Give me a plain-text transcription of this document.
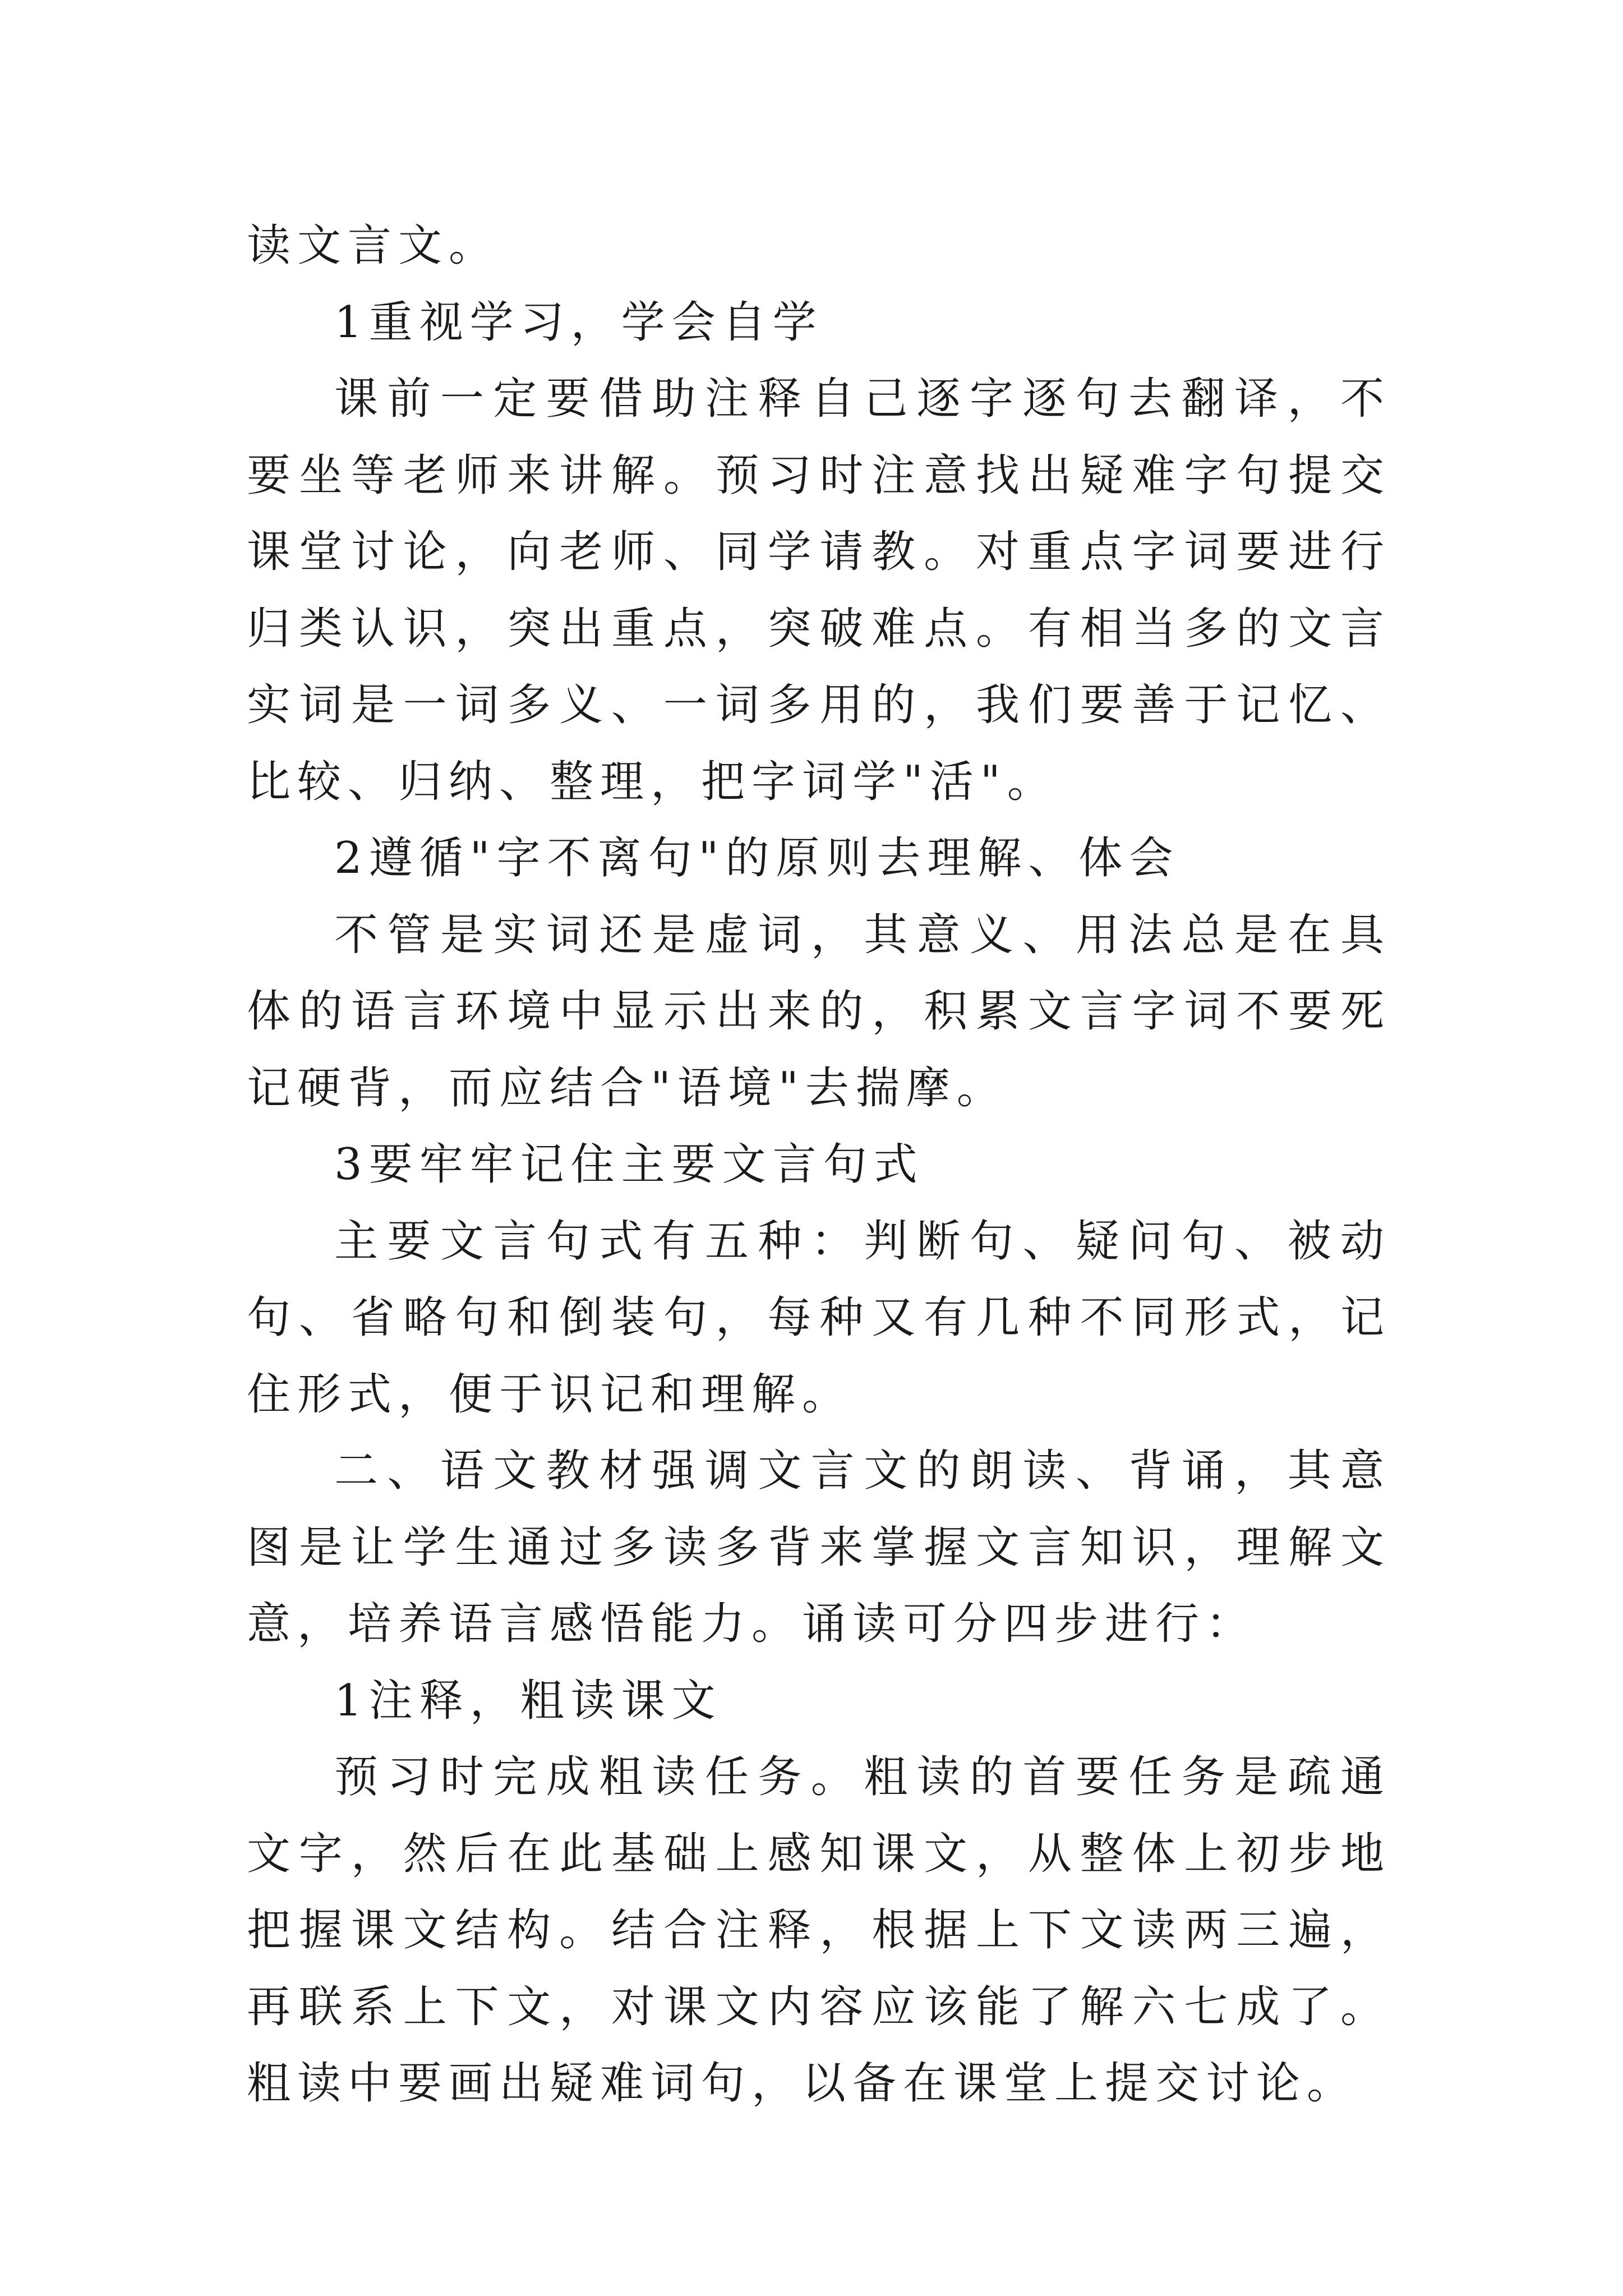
读文言文。

1重视学习，学会自学

课前一定要借助注释自己逐字逐句去翻译，不要坐等老师来讲解。预习时注意找出疑难字句提交课堂讨论，向老师、同学请教。对重点字词要进行归类认识，突出重点，突破难点。有相当多的文言实词是一词多义、一词多用的，我们要善于记忆、比较、归纳、整理，把字词学"活"。

2遵循"字不离句"的原则去理解、体会

不管是实词还是虚词，其意义、用法总是在具体的语言环境中显示出来的，积累文言字词不要死记硬背，而应结合"语境"去揣摩。

3要牢牢记住主要文言句式

主要文言句式有五种：判断句、疑问句、被动句、省略句和倒装句，每种又有几种不同形式，记住形式，便于识记和理解。

二、语文教材强调文言文的朗读、背诵，其意图是让学生通过多读多背来掌握文言知识，理解文意，培养语言感悟能力。诵读可分四步进行：

1注释，粗读课文

预习时完成粗读任务。粗读的首要任务是疏通文字，然后在此基础上感知课文，从整体上初步地把握课文结构。结合注释，根据上下文读两三遍，再联系上下文，对课文内容应该能了解六七成了。粗读中要画出疑难词句，以备在课堂上提交讨论。
